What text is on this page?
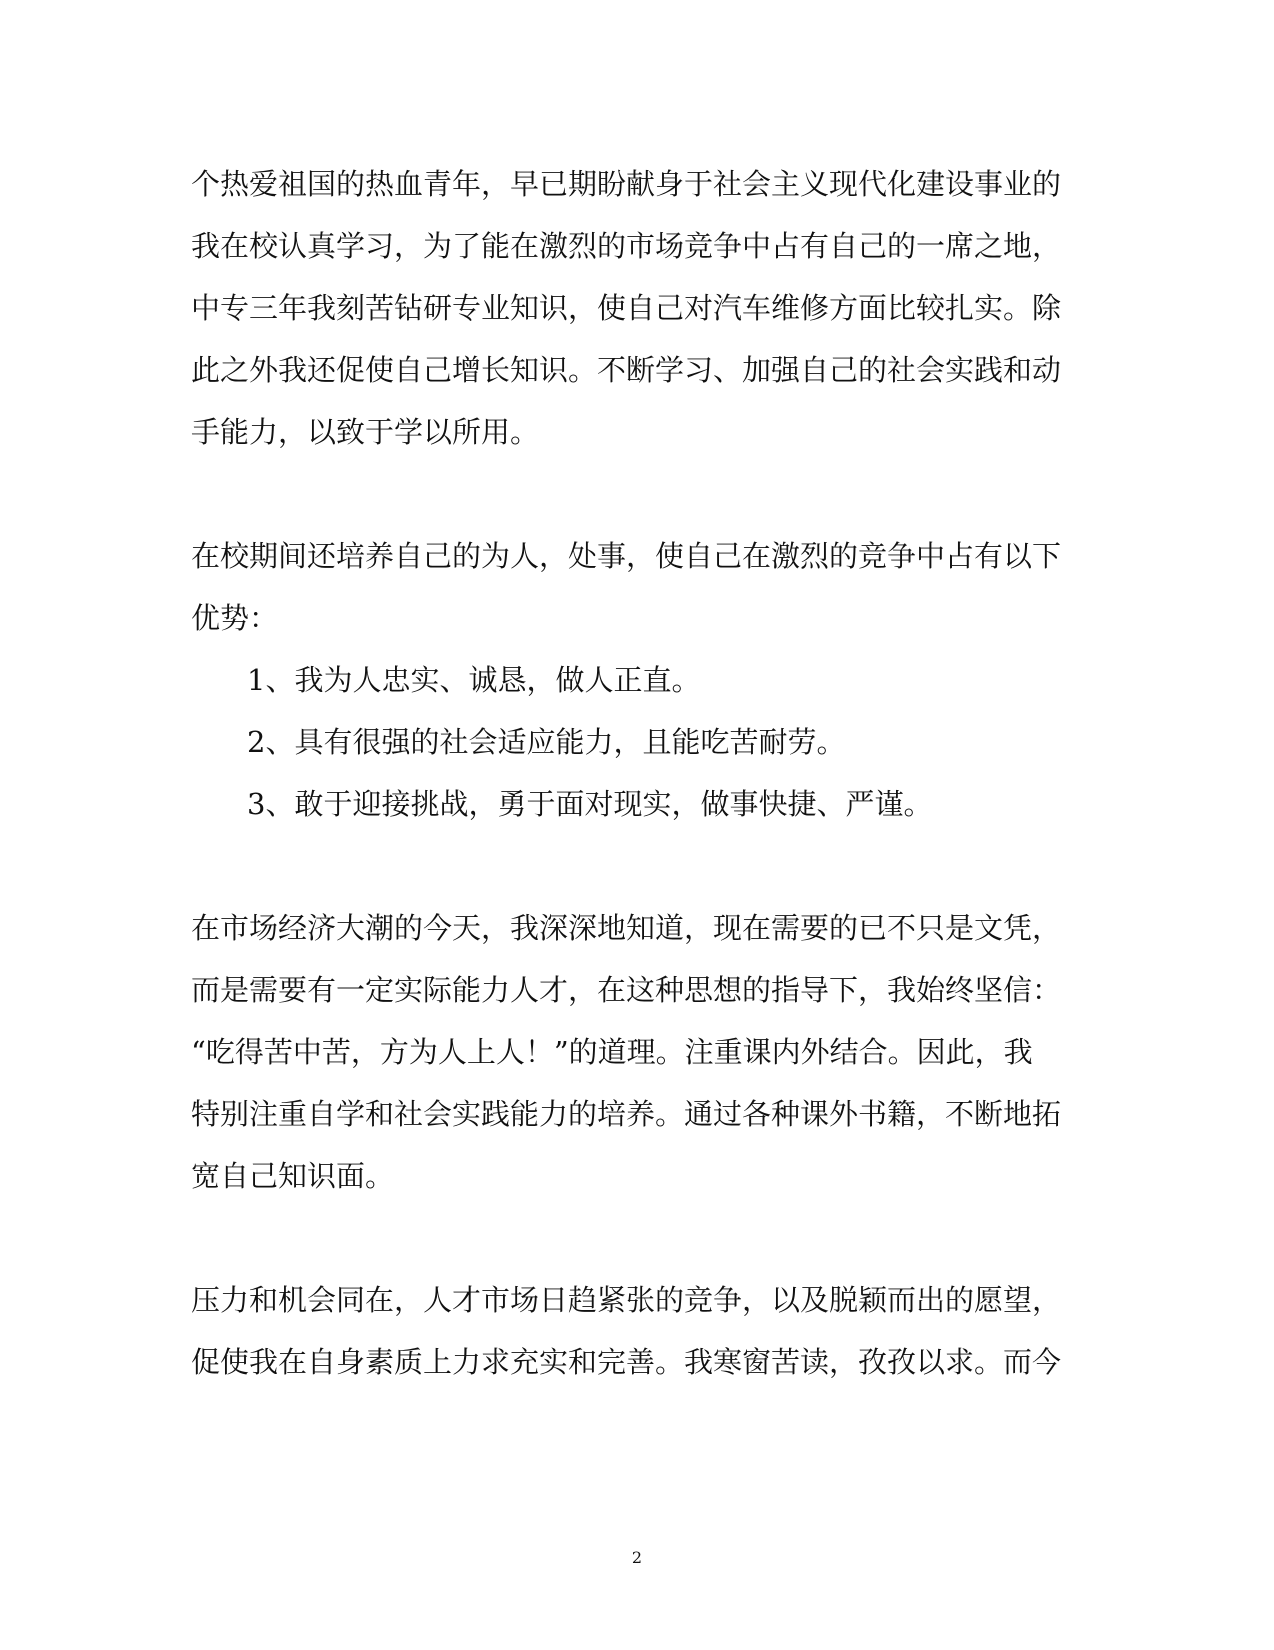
个热爱祖国的热血青年，早已期盼献身于社会主义现代化建设事业的
我在校认真学习，为了能在激烈的市场竞争中占有自己的一席之地，
中专三年我刻苦钻研专业知识，使自己对汽车维修方面比较扎实。除
此之外我还促使自己增长知识。不断学习、加强自己的社会实践和动
手能力，以致于学以所用。
在校期间还培养自己的为人，处事，使自己在激烈的竞争中占有以下
优势：
1、我为人忠实、诚恳，做人正直。
2、具有很强的社会适应能力，且能吃苦耐劳。
3、敢于迎接挑战，勇于面对现实，做事快捷、严谨。
在市场经济大潮的今天，我深深地知道，现在需要的已不只是文凭，
而是需要有一定实际能力人才，在这种思想的指导下，我始终坚信：
“吃得苦中苦，方为人上人！”的道理。注重课内外结合。因此，我
特别注重自学和社会实践能力的培养。通过各种课外书籍，不断地拓
宽自己知识面。
压力和机会同在，人才市场日趋紧张的竞争，以及脱颖而出的愿望，
促使我在自身素质上力求充实和完善。我寒窗苦读，孜孜以求。而今
2
